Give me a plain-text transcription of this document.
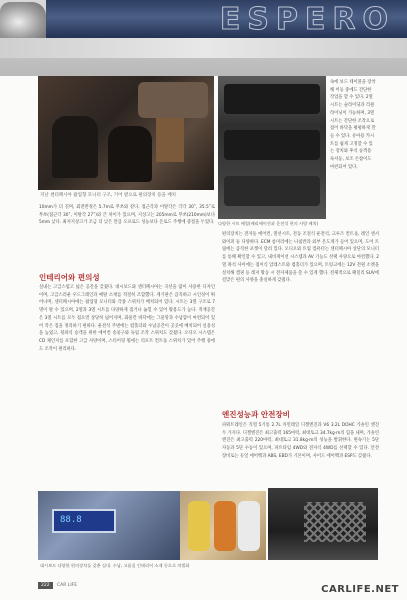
ESPERO
지난 센터페시아 팝업형 모니터 구조, 기어 옆으로 편의장치 등을 배치
다양한 시트 배열(배리에이션과 운전석 편의 사양 배치)
속에 보드 테이블을 장착해 이동 중에도 간단한 작업을 할 수 있다. 2열 시트는 슬라이딩과 리클라이닝이 가능하며, 3열 시트는 간단한 조작으로 접어 바닥을 평평하게 만들 수 있다. 유아용 카시트를 쉽게 고정할 수 있는 장치와 후석 승객용 독서등, 보조 손잡이도 마련되어 있다.
10mm가 더 길며, 회전반경은 5.7m로 무쏘와 같다. 접근각과 이탈각은 각각 30˚, 35.5˚로 무쏘(접근각 30˚, 이탈각 27˚)와 큰 차이가 있으며, 지상고는 205mm로 무쏘(210mm)보다 5mm 낮다. 최저지상고가 조금 더 낮은 만큼 오프로드 성능보다 온로드 주행에 중점을 두었다.
인테리어와 편의성
실내는 고급스럽고 넓은 공간을 갖췄다. 대시보드와 센터페시아는 곡선을 많이 사용한 디자인이며, 고급스러운 우드그레인과 메탈 소재를 적절히 조합했다. 계기판은 큼직하고 시인성이 뛰어나며, 센터페시아에는 팝업형 모니터와 각종 스위치가 배치되어 있다. 시트는 3열 구조로 7명이 탈 수 있으며, 2열과 3열 시트를 다양하게 접거나 눕힐 수 있어 활용도가 높다. 적재공간은 3열 시트를 모두 접으면 상당히 넓어지며, 화물칸 바닥에는 그물망과 수납함이 마련되어 있어 작은 짐을 정리하기 편하다. 운전석 주변에는 컵홀더와 수납공간이 곳곳에 배치되어 실용성을 높였고, 뒷좌석 승객을 위한 에어컨 송풍구와 독립 조작 스위치도 갖췄다. 오디오 시스템은 CD 체인저를 포함한 고급 사양이며, 스티어링 휠에는 리모트 컨트롤 스위치가 있어 주행 중에도 조작이 편리하다.
편의장치는 전자동 에어컨, 열선시트, 전동 조절식 운전석, 크루즈 컨트롤, 레인 센서 와이퍼 등 다양하다. ECM 룸미러에는 나침반과 외부 온도계가 들어 있으며, 도어 트림에는 큼직한 포켓이 달려 있다. 오디오와 트립 컴퓨터는 센터페시아 상단의 모니터를 통해 확인할 수 있고, 내비게이션 시스템과 AV 기능도 선택 사양으로 마련했다. 2열 좌석 사이에는 접이식 암레스트와 컵홀더가 있으며, 트렁크에는 12V 전원 소켓을 설치해 캠핑 등 레저 활동 시 전자제품을 쓸 수 있게 했다. 전체적으로 패밀리 SUV에 걸맞은 편의 사양을 충실하게 갖췄다.
엔진성능과 안전장비
파워트레인은 직렬 5기통 2.7L 커먼레일 디젤엔진과 V6 3.2L DOHC 가솔린 엔진 두 가지다. 디젤엔진은 최고출력 165마력, 최대토크 34.7kg·m의 힘을 내며, 가솔린엔진은 최고출력 220마력, 최대토크 31.8kg·m의 성능을 발휘한다. 변속기는 5단 자동과 5단 수동이 있으며, 파트타임 4WD와 전자식 4WD를 선택할 수 있다. 안전장비로는 듀얼 에어백과 ABS, EBD가 기본이며, 사이드 에어백과 ESP도 갖췄다.
88.8
대시보드 다양한 편의장치를 갖춘 실내. 수납, 고품질 인테리어 소재 등으로 차별화
222 CAR LIFE	CARLIFE.NET
